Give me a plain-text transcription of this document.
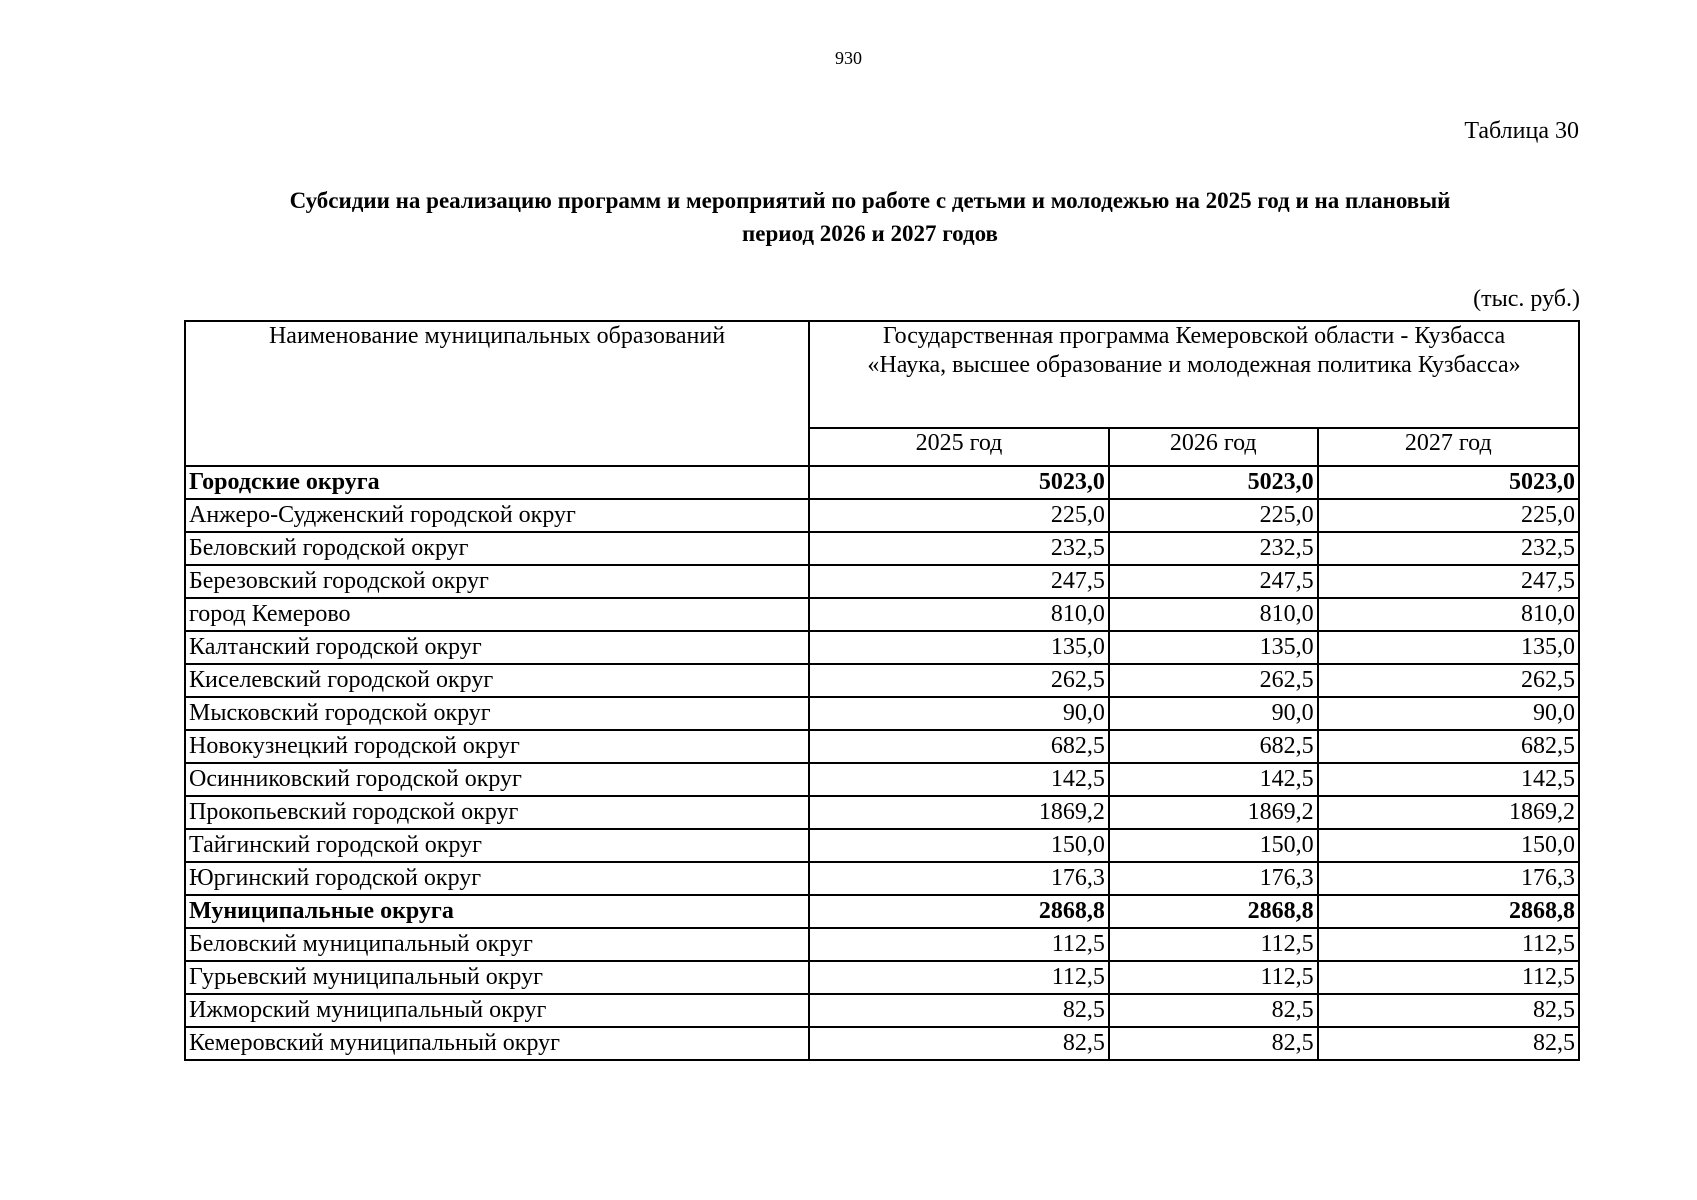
930
Таблица 30
Субсидии на реализацию программ и мероприятий по работе с детьми и молодежью на 2025 год и на плановый
период 2026 и 2027 годов
(тыс. руб.)
Наименование муниципальных образований	Государственная программа Кемеровской области - Кузбасса
«Наука, высшее образование и молодежная политика Кузбасса»		

	2025 год	2026 год	2027 год
Городские округа	5023,0	5023,0	5023,0
Анжеро-Судженский городской округ	225,0	225,0	225,0
Беловский городской округ	232,5	232,5	232,5
Березовский городской округ	247,5	247,5	247,5
город Кемерово	810,0	810,0	810,0
Калтанский городской округ	135,0	135,0	135,0
Киселевский городской округ	262,5	262,5	262,5
Мысковский городской округ	90,0	90,0	90,0
Новокузнецкий городской округ	682,5	682,5	682,5
Осинниковский городской округ	142,5	142,5	142,5
Прокопьевский городской округ	1869,2	1869,2	1869,2
Тайгинский городской округ	150,0	150,0	150,0
Юргинский городской округ	176,3	176,3	176,3
Муниципальные округа	2868,8	2868,8	2868,8
Беловский муниципальный округ	112,5	112,5	112,5
Гурьевский муниципальный округ	112,5	112,5	112,5
Ижморский муниципальный округ	82,5	82,5	82,5
Кемеровский муниципальный округ	82,5	82,5	82,5
